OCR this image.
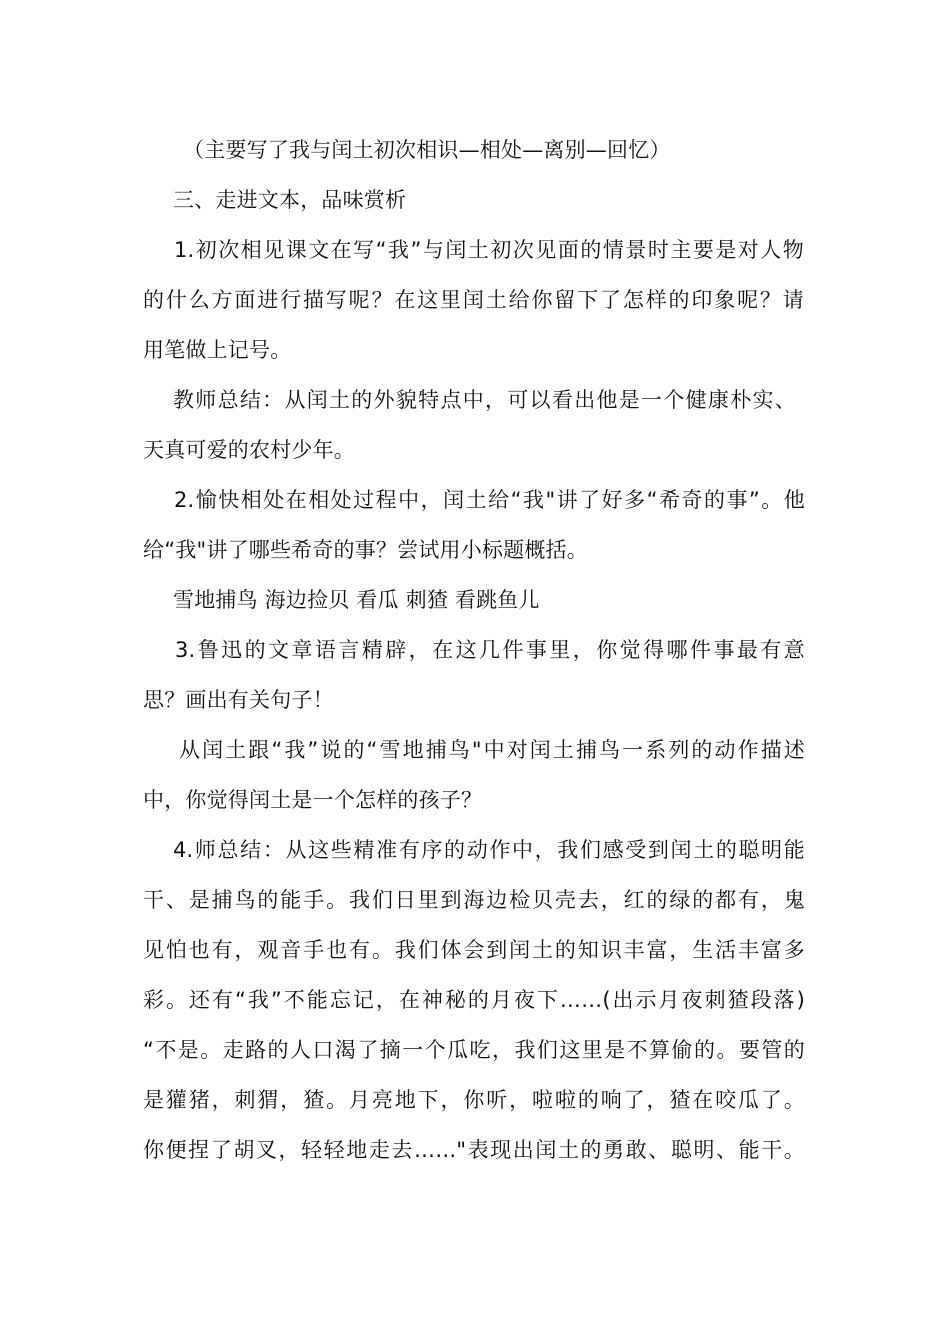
（主要写了我与闰土初次相识—相处—离别—回忆）

三、走进文本，品味赏析

1.初次相见课文在写“我”与闰土初次见面的情景时主要是对人物

的什么方面进行描写呢？在这里闰土给你留下了怎样的印象呢？请

用笔做上记号。

教师总结：从闰土的外貌特点中，可以看出他是一个健康朴实、

天真可爱的农村少年。

2.愉快相处在相处过程中，闰土给“我"讲了好多“希奇的事”。他

给“我"讲了哪些希奇的事？尝试用小标题概括。

雪地捕鸟 海边捡贝 看瓜 刺猹 看跳鱼儿

3.鲁迅的文章语言精辟，在这几件事里，你觉得哪件事最有意

思？画出有关句子！

从闰土跟“我”说的“雪地捕鸟"中对闰土捕鸟一系列的动作描述

中，你觉得闰土是一个怎样的孩子？

4.师总结：从这些精准有序的动作中，我们感受到闰土的聪明能

干、是捕鸟的能手。我们日里到海边检贝壳去，红的绿的都有，鬼

见怕也有，观音手也有。我们体会到闰土的知识丰富，生活丰富多

彩。还有“我”不能忘记，在神秘的月夜下……(出示月夜刺猹段落)

“不是。走路的人口渴了摘一个瓜吃，我们这里是不算偷的。要管的

是獾猪，刺猬，猹。月亮地下，你听，啦啦的响了，猹在咬瓜了。

你便捏了胡叉，轻轻地走去……"表现出闰土的勇敢、聪明、能干。
